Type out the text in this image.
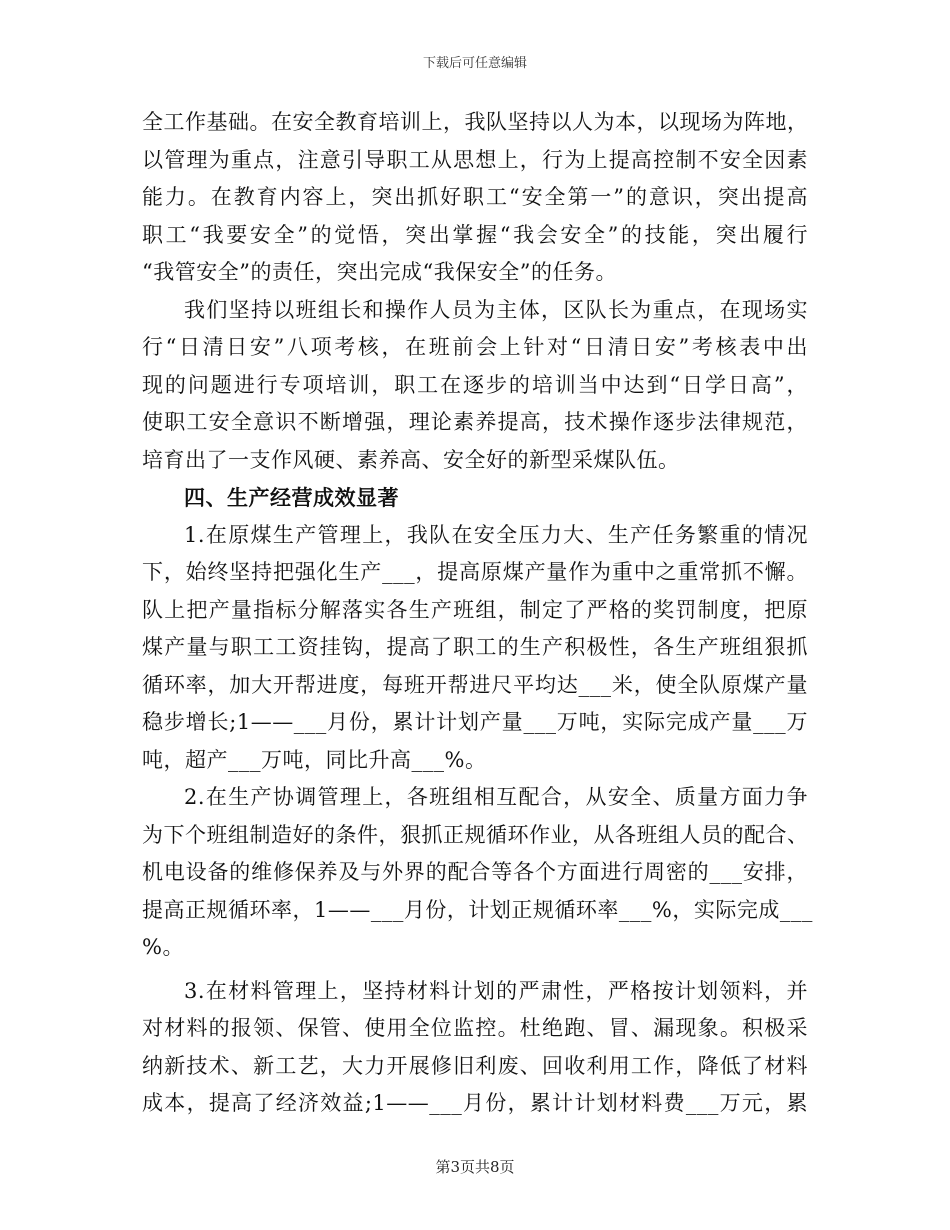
下载后可任意编辑
全工作基础。在安全教育培训上，我队坚持以人为本，以现场为阵地，
以管理为重点，注意引导职工从思想上，行为上提高控制不安全因素
能力。在教育内容上，突出抓好职工“安全第一”的意识，突出提高
职工“我要安全”的觉悟，突出掌握“我会安全”的技能，突出履行
“我管安全”的责任，突出完成“我保安全”的任务。
我们坚持以班组长和操作人员为主体，区队长为重点，在现场实
行“日清日安”八项考核，在班前会上针对“日清日安”考核表中出
现的问题进行专项培训，职工在逐步的培训当中达到“日学日高”，
使职工安全意识不断增强，理论素养提高，技术操作逐步法律规范，
培育出了一支作风硬、素养高、安全好的新型采煤队伍。
四、生产经营成效显著
1.在原煤生产管理上，我队在安全压力大、生产任务繁重的情况
下，始终坚持把强化生产___，提高原煤产量作为重中之重常抓不懈。
队上把产量指标分解落实各生产班组，制定了严格的奖罚制度，把原
煤产量与职工工资挂钩，提高了职工的生产积极性，各生产班组狠抓
循环率，加大开帮进度，每班开帮进尺平均达___米，使全队原煤产量
稳步增长;1——___月份，累计计划产量___万吨，实际完成产量___万
吨，超产___万吨，同比升高___%。
2.在生产协调管理上，各班组相互配合，从安全、质量方面力争
为下个班组制造好的条件，狠抓正规循环作业，从各班组人员的配合、
机电设备的维修保养及与外界的配合等各个方面进行周密的___安排，
提高正规循环率，1——___月份，计划正规循环率___%，实际完成___
%。
3.在材料管理上，坚持材料计划的严肃性，严格按计划领料，并
对材料的报领、保管、使用全位监控。杜绝跑、冒、漏现象。积极采
纳新技术、新工艺，大力开展修旧利废、回收利用工作，降低了材料
成本，提高了经济效益;1——___月份，累计计划材料费___万元，累
第3页共8页
